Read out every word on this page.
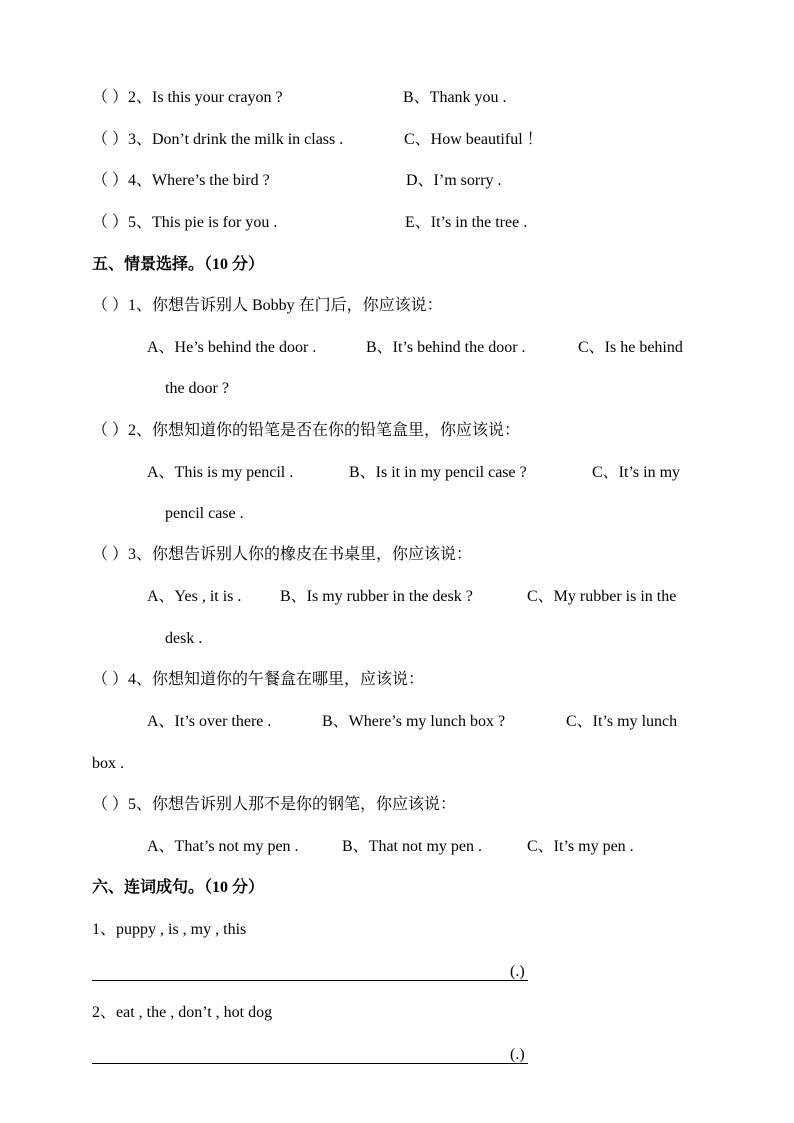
（ ）2、Is this your crayon ?	B、Thank you .
（ ）3、Don’t drink the milk in class .	C、How beautiful ！
（ ）4、Where’s the bird ?	D、I’m sorry .
（ ）5、This pie is for you .	E、It’s in the tree .
五、情景选择。（10 分）
（ ）1、你想告诉别人 Bobby 在门后，你应该说：
A、He’s behind the door .	B、It’s behind the door .	C、Is he behind
the door ?
（ ）2、你想知道你的铅笔是否在你的铅笔盒里，你应该说：
A、This is my pencil .	B、Is it in my pencil case ?	C、It’s in my
pencil case .
（ ）3、你想告诉别人你的橡皮在书桌里，你应该说：
A、Yes , it is . B、Is my rubber in the desk ?	C、My rubber is in the
desk .
（ ）4、你想知道你的午餐盒在哪里，应该说：
A、It’s over there .	B、Where’s my lunch box ?	C、It’s my lunch
box .
（ ）5、你想告诉别人那不是你的钢笔，你应该说：
A、That’s not my pen .	B、That not my pen .	C、It’s my pen .
六、连词成句。（10 分）
1、puppy , is , my , this
(.)
2、eat , the , don’t , hot dog
(.)
